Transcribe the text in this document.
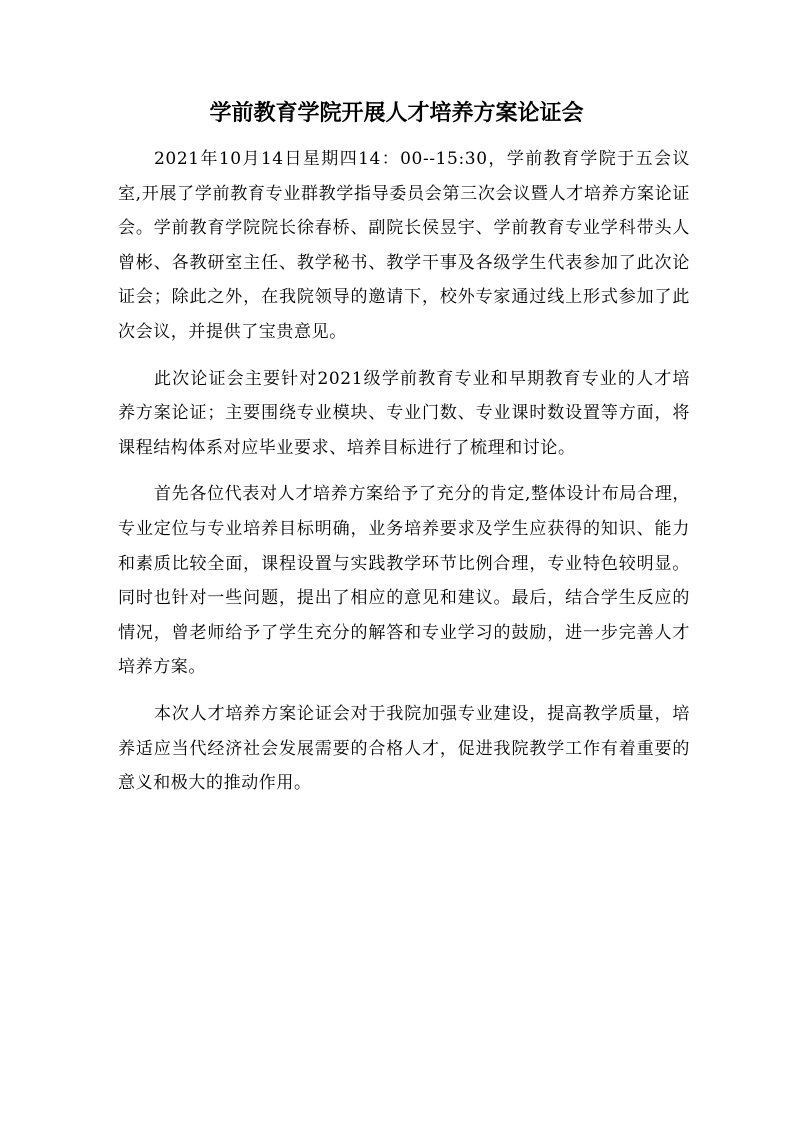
学前教育学院开展人才培养方案论证会

2021年10月14日星期四14：00--15:30，学前教育学院于五会议室,开展了学前教育专业群教学指导委员会第三次会议暨人才培养方案论证会。学前教育学院院长徐春桥、副院长侯昱宇、学前教育专业学科带头人曾彬、各教研室主任、教学秘书、教学干事及各级学生代表参加了此次论证会；除此之外，在我院领导的邀请下，校外专家通过线上形式参加了此次会议，并提供了宝贵意见。

此次论证会主要针对2021级学前教育专业和早期教育专业的人才培养方案论证；主要围绕专业模块、专业门数、专业课时数设置等方面，将课程结构体系对应毕业要求、培养目标进行了梳理和讨论。

首先各位代表对人才培养方案给予了充分的肯定,整体设计布局合理，专业定位与专业培养目标明确，业务培养要求及学生应获得的知识、能力和素质比较全面，课程设置与实践教学环节比例合理，专业特色较明显。同时也针对一些问题，提出了相应的意见和建议。最后，结合学生反应的情况，曾老师给予了学生充分的解答和专业学习的鼓励，进一步完善人才培养方案。

本次人才培养方案论证会对于我院加强专业建设，提高教学质量，培养适应当代经济社会发展需要的合格人才，促进我院教学工作有着重要的意义和极大的推动作用。
